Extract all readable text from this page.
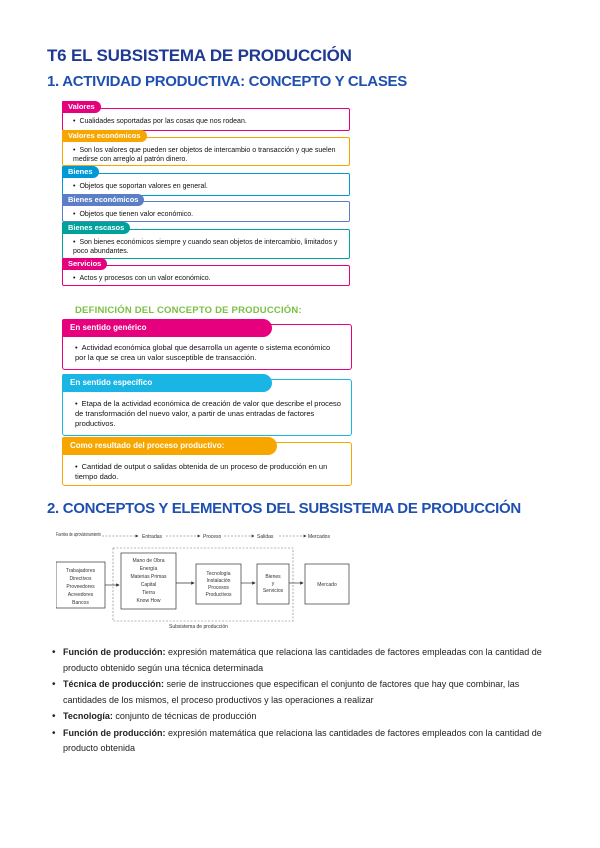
T6 EL SUBSISTEMA DE PRODUCCIÓN
1. ACTIVIDAD PRODUCTIVA: CONCEPTO Y CLASES
Valores
• Cualidades soportadas por las cosas que nos rodean.
Valores económicos
• Son los valores que pueden ser objetos de intercambio o transacción y que suelen medirse con arreglo al patrón dinero.
Bienes
• Objetos que soportan valores en general.
Bienes económicos
• Objetos que tienen valor económico.
Bienes escasos
• Son bienes económicos siempre y cuando sean objetos de intercambio, limitados y poco abundantes.
Servicios
• Actos y procesos con un valor económico.
DEFINICIÓN DEL CONCEPTO DE PRODUCCIÓN:
En sentido genérico
• Actividad económica global que desarrolla un agente o sistema económico por la que se crea un valor susceptible de transacción.
En sentido específico
• Etapa de la actividad económica de creación de valor que describe el proceso de transformación del nuevo valor, a partir de unas entradas de factores productivos.
Como resultado del proceso productivo:
• Cantidad de output o salidas obtenida de un proceso de producción en un tiempo dado.
2. CONCEPTOS Y ELEMENTOS DEL SUBSISTEMA DE PRODUCCIÓN
Fuentes de aprovisionamiento	Entradas	Proceso	Salidas	Mercados
Trabajadores
Directivos
Proveedores
Acreedores
Bancos
Mano de Obra
Energía
Materias Primas
Capital
Tierra
Know How
Tecnología
Instalación
Procesos
Productivos
Bienes
y
Servicios
Mercado
Subsistema de producción
• Función de producción: expresión matemática que relaciona las cantidades de factores empleadas con la cantidad de producto obtenido según una técnica determinada
• Técnica de producción: serie de instrucciones que especifican el conjunto de factores que hay que combinar, las cantidades de los mismos, el proceso productivos y las operaciones a realizar
• Tecnología: conjunto de técnicas de producción
• Función de producción: expresión matemática que relaciona las cantidades de factores empleados con la cantidad de producto obtenida
